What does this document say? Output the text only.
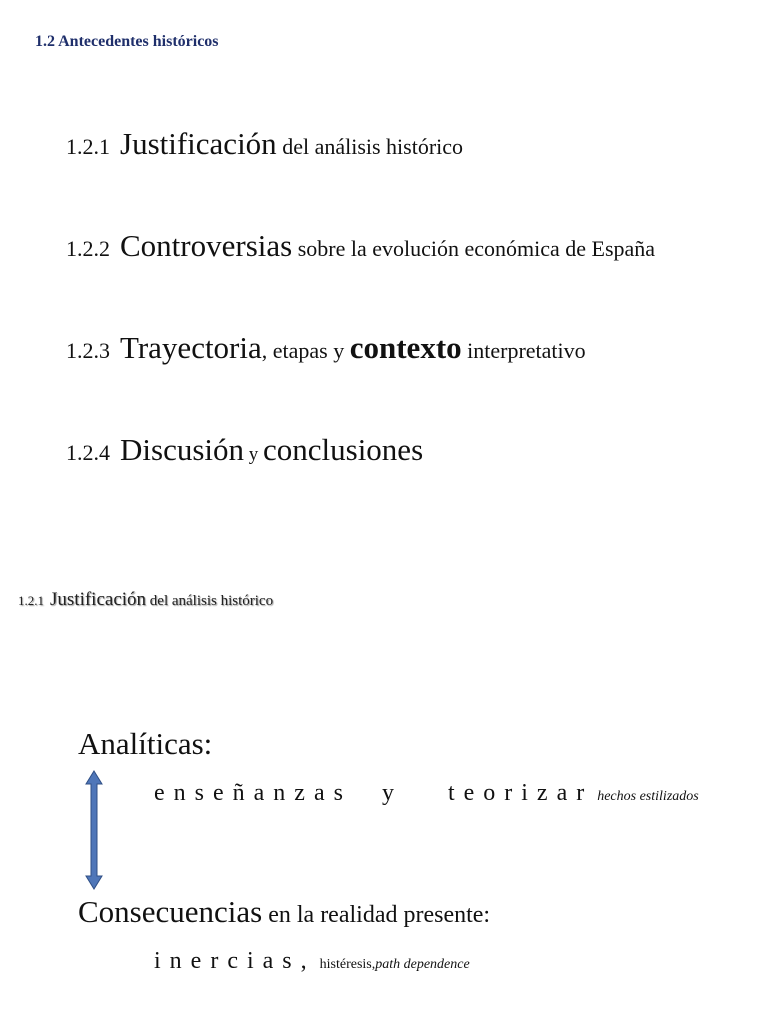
1.2 Antecedentes históricos
1.2.1 Justificación del análisis histórico
1.2.2 Controversias sobre la evolución económica de España
1.2.3 Trayectoria, etapas y contexto interpretativo
1.2.4 Discusión y conclusiones
1.2.1 Justificación del análisis histórico
Analíticas:
enseñanzas  y   teorizar hechos estilizados
Consecuencias en la realidad presente:
inercias, histéresis,path dependence
